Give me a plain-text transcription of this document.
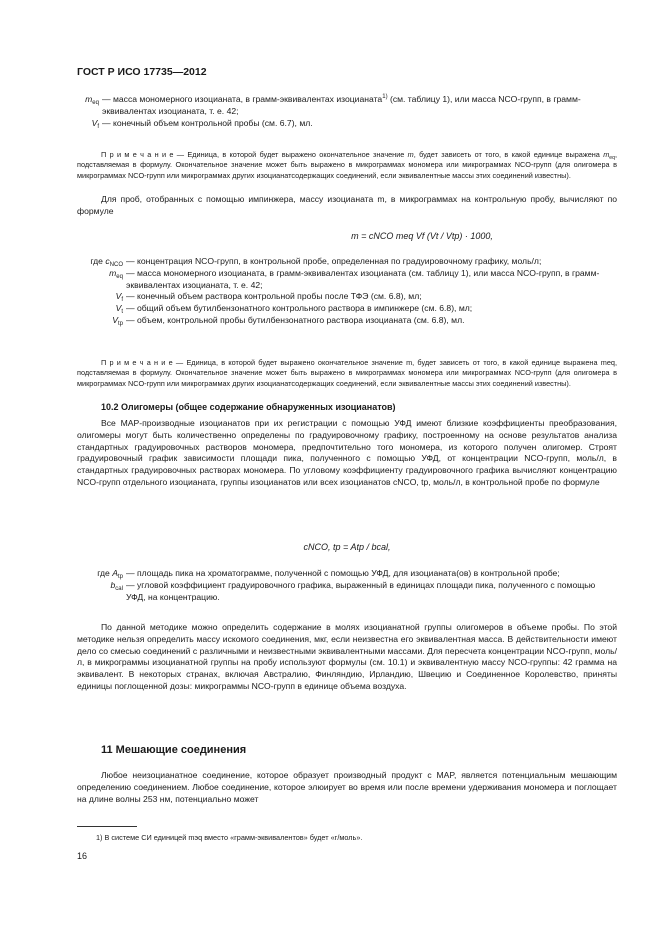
ГОСТ Р ИСО 17735—2012
$m_{eq}$ — масса мономерного изоцианата, в грамм-эквивалентах изоцианата$^{1)}$ (см. таблицу 1), или масса NCO-групп, в грамм-эквивалентах изоцианата, т. е. 42;
$V_f$ — конечный объем контрольной пробы (см. 6.7), мл.
П р и м е ч а н и е — Единица, в которой будет выражено окончательное значение m, будет зависеть от того, в какой единице выражена $m_{eq}$, подставляемая в формулу. Окончательное значение может быть выражено в микрограммах мономера или микрограммах NCO-групп (для олигомера в микрограммах NCO-групп или микрограммах других изоцианатсодержащих соединений, если эквивалентные массы этих соединений известны).
Для проб, отобранных с помощью импинжера, массу изоцианата m, в микрограммах на контрольную пробу, вычисляют по формуле
m = cNCO meq Vf (Vt / Vtp) · 1000,
где $c_{NCO}$ — концентрация NCO-групп, в контрольной пробе, определенная по градуировочному графику, моль/л;
$m_{eq}$ — масса мономерного изоцианата, в грамм-эквивалентах изоцианата (см. таблицу 1), или масса NCO-групп, в грамм-эквивалентах изоцианата, т. е. 42;
$V_f$ — конечный объем раствора контрольной пробы после ТФЭ (см. 6.8), мл;
$V_t$ — общий объем бутилбензонатного контрольного раствора в импинжере (см. 6.8), мл;
$V_{tp}$ — объем, контрольной пробы бутилбензонатного раствора изоцианата (см. 6.8), мл.
П р и м е ч а н и е — Единица, в которой будет выражено окончательное значение m, будет зависеть от того, в какой единице выражена meq, подставляемая в формулу. Окончательное значение может быть выражено в микрограммах мономера или микрограммах NCO-групп (для олигомера в микрограммах NCO-групп или микрограммах других изоцианатсодержащих соединений, если эквивалентные массы этих соединений известны).
10.2 Олигомеры (общее содержание обнаруженных изоцианатов)
Все MAP-производные изоцианатов при их регистрации с помощью УФД имеют близкие коэффициенты преобразования, олигомеры могут быть количественно определены по градуировочному графику, построенному на основе результатов анализа стандартных градуировочных растворов мономера, предпочтительно того мономера, из которого получен олигомер. Строят градуировочный график зависимости площади пика, полученного с помощью УФД, от концентрации NCO-групп, моль/л, в стандартных градуировочных растворах мономера. По угловому коэффициенту градуировочного графика вычисляют концентрацию NCO-групп отдельного изоцианата, группы изоцианатов или всех изоцианатов cNCO, tp, моль/л, в контрольной пробе по формуле
cNCO, tp = Atp / bcal,
где $A_{tp}$ — площадь пика на хроматограмме, полученной с помощью УФД, для изоцианата(ов) в контрольной пробе;
$b_{cal}$ — угловой коэффициент градуировочного графика, выраженный в единицах площади пика, полученного с помощью УФД, на концентрацию.
По данной методике можно определить содержание в молях изоцианатной группы олигомеров в объеме пробы. По этой методике нельзя определить массу искомого соединения, мкг, если неизвестна его эквивалентная масса. В действительности имеют дело со смесью соединений с различными и неизвестными эквивалентными массами. Для пересчета концентрации NCO-групп, моль/л, в микрограммы изоцианатной группы на пробу используют формулы (см. 10.1) и эквивалентную массу NCO-группы: 42 грамма на эквивалент. В некоторых странах, включая Австралию, Финляндию, Ирландию, Швецию и Соединенное Королевство, приняты единицы поглощенной дозы: микрограммы NCO-групп в единице объема воздуха.
11 Мешающие соединения
Любое неизоцианатное соединение, которое образует производный продукт с MAP, является потенциальным мешающим определению соединением. Любое соединение, которое элюирует во время или после времени удерживания мономера и поглощает на длине волны 253 нм, потенциально может
1) В системе СИ единицей mэq вместо «грамм-эквивалентов» будет «г/моль».
16
